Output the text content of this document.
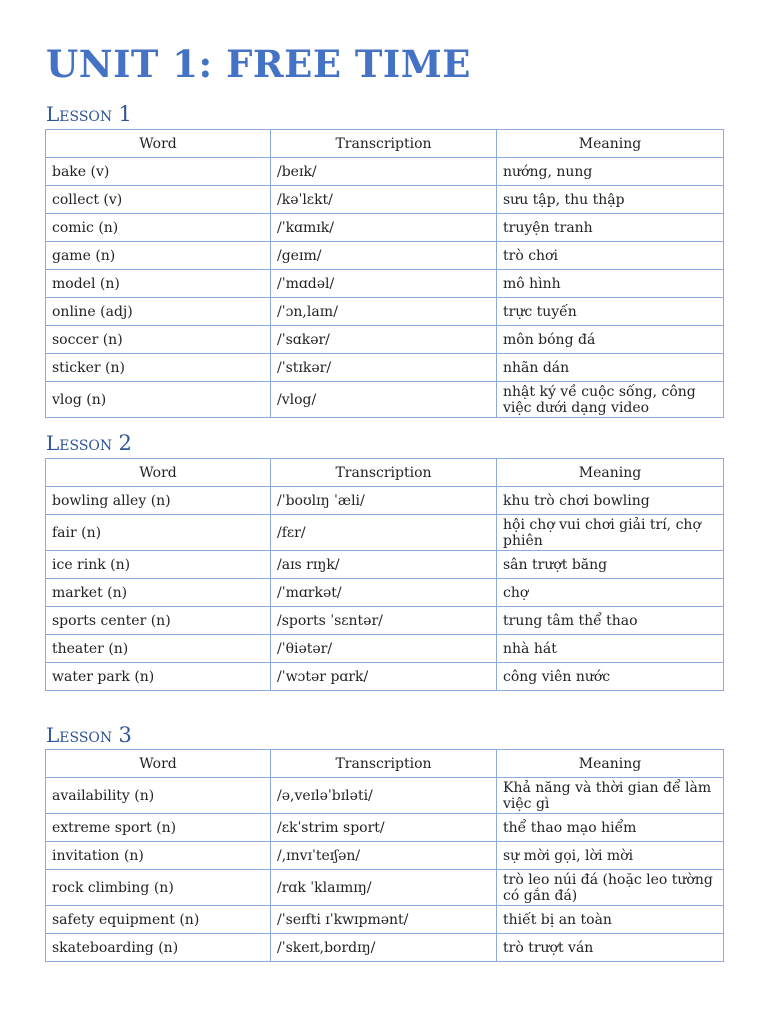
UNIT 1: FREE TIME
Lesson 1
Word	Transcription	Meaning
bake (v)	/beɪk/	nướng, nung
collect (v)	/kəˈlɛkt/	sưu tập, thu thập
comic (n)	/ˈkɑmɪk/	truyện tranh
game (n)	/geɪm/	trò chơi
model (n)	/ˈmɑdəl/	mô hình
online (adj)	/ˈɔn,laɪn/	trực tuyến
soccer (n)	/ˈsɑkər/	môn bóng đá
sticker (n)	/ˈstɪkər/	nhãn dán
vlog (n)	/vlog/	nhật ký về cuộc sống, công việc dưới dạng video
Lesson 2
Word	Transcription	Meaning
bowling alley (n)	/ˈboʊlɪŋ ˈæli/	khu trò chơi bowling
fair (n)	/fɛr/	hội chợ vui chơi giải trí, chợ phiên
ice rink (n)	/aɪs rɪŋk/	sân trượt băng
market (n)	/ˈmɑrkət/	chợ
sports center (n)	/sports ˈsɛntər/	trung tâm thể thao
theater (n)	/ˈθiətər/	nhà hát
water park (n)	/ˈwɔtər pɑrk/	công viên nước
Lesson 3
Word	Transcription	Meaning
availability (n)	/ə,veɪləˈbɪləti/	Khả năng và thời gian để làm việc gì
extreme sport (n)	/ɛkˈstrim sport/	thể thao mạo hiểm
invitation (n)	/,ɪnvɪˈteɪʃən/	sự mời gọi, lời mời
rock climbing (n)	/rɑk ˈklaɪmɪŋ/	trò leo núi đá (hoặc leo tường có gắn đá)
safety equipment (n)	/ˈseɪfti ɪˈkwɪpmənt/	thiết bị an toàn
skateboarding (n)	/ˈskeɪt,bordɪŋ/	trò trượt ván
